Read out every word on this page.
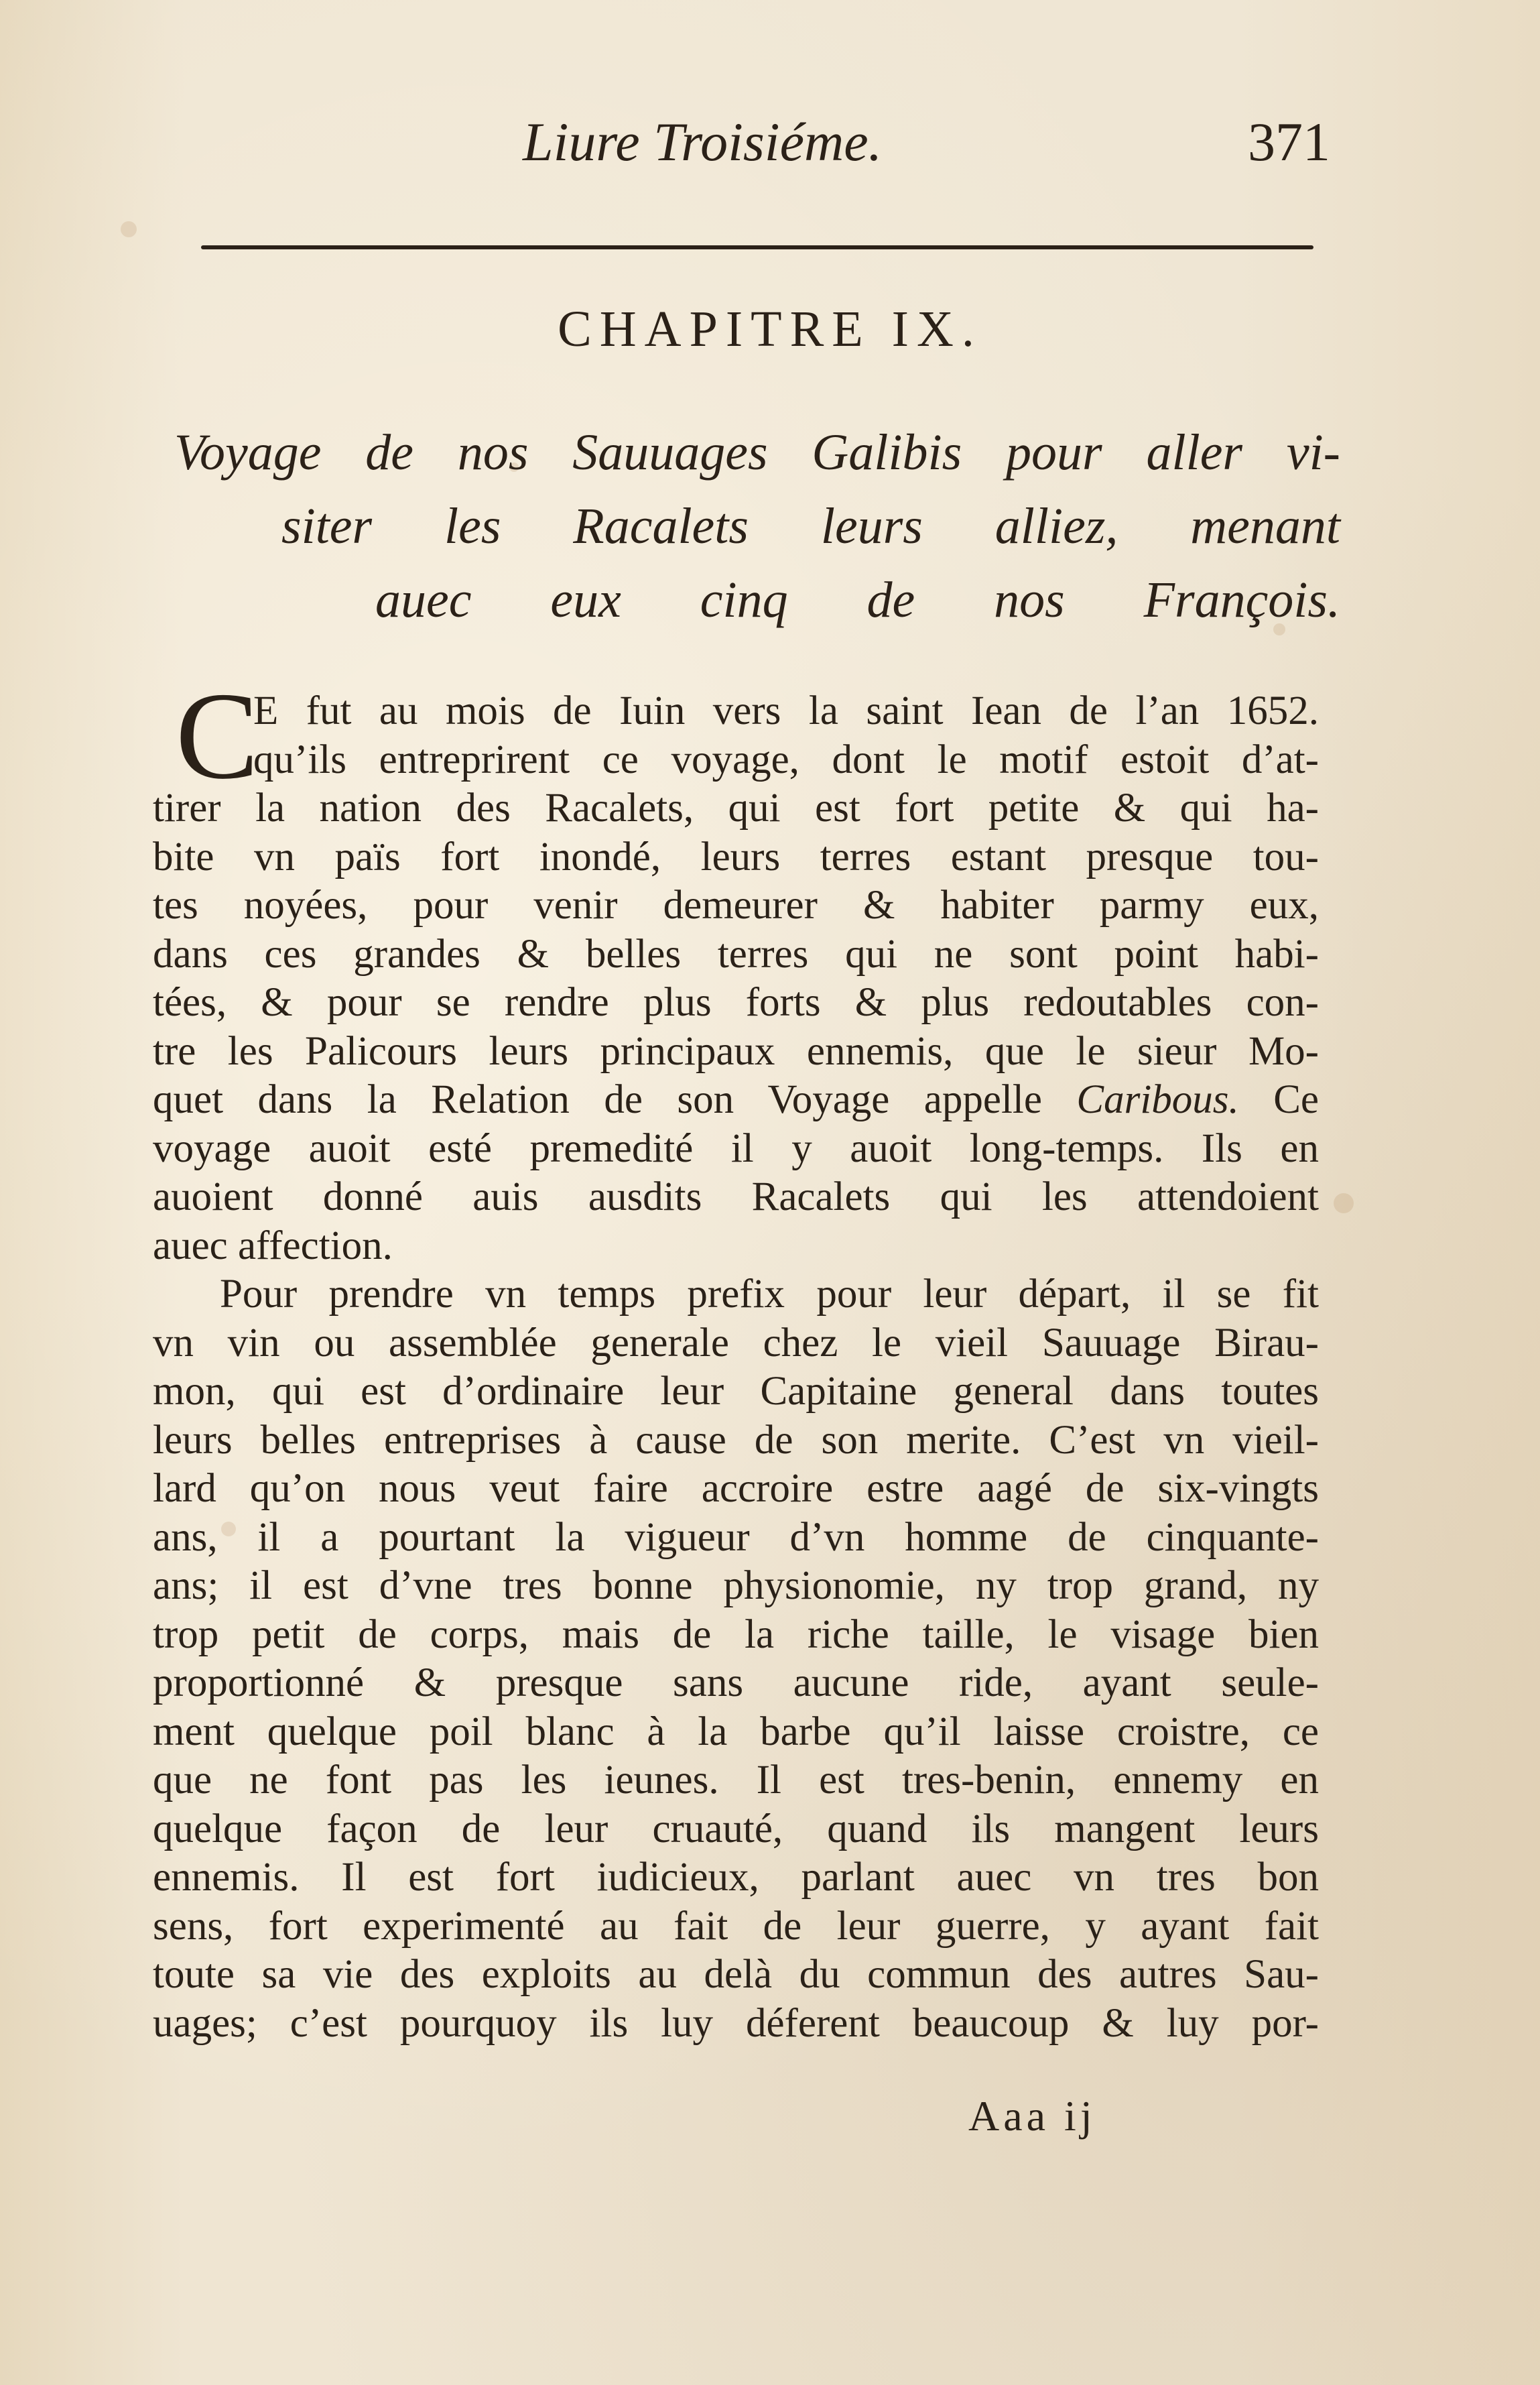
Liure Troisiéme.	371
CHAPITRE IX.
Voyage de nos Sauuages Galibis pour aller vi-
siter les Racalets leurs alliez, menant
auec eux cinq de nos François.
C
E fut au mois de Iuin vers la saint Iean de l’an 1652.
qu’ils entreprirent ce voyage, dont le motif estoit d’at-
tirer la nation des Racalets, qui est fort petite & qui ha-
bite vn païs fort inondé, leurs terres estant presque tou-
tes noyées, pour venir demeurer & habiter parmy eux,
dans ces grandes & belles terres qui ne sont point habi-
tées, & pour se rendre plus forts & plus redoutables con-
tre les Palicours leurs principaux ennemis, que le sieur Mo-
quet dans la Relation de son Voyage appelle Caribous. Ce
voyage auoit esté premedité il y auoit long-temps. Ils en
auoient donné auis ausdits Racalets qui les attendoient
auec affection.
Pour prendre vn temps prefix pour leur départ, il se fit
vn vin ou assemblée generale chez le vieil Sauuage Birau-
mon, qui est d’ordinaire leur Capitaine general dans toutes
leurs belles entreprises à cause de son merite. C’est vn vieil-
lard qu’on nous veut faire accroire estre aagé de six-vingts
ans, il a pourtant la vigueur d’vn homme de cinquante-
ans; il est d’vne tres bonne physionomie, ny trop grand, ny
trop petit de corps, mais de la riche taille, le visage bien
proportionné & presque sans aucune ride, ayant seule-
ment quelque poil blanc à la barbe qu’il laisse croistre, ce
que ne font pas les ieunes. Il est tres-benin, ennemy en
quelque façon de leur cruauté, quand ils mangent leurs
ennemis. Il est fort iudicieux, parlant auec vn tres bon
sens, fort experimenté au fait de leur guerre, y ayant fait
toute sa vie des exploits au delà du commun des autres Sau-
uages; c’est pourquoy ils luy déferent beaucoup & luy por-
Aaa ij
